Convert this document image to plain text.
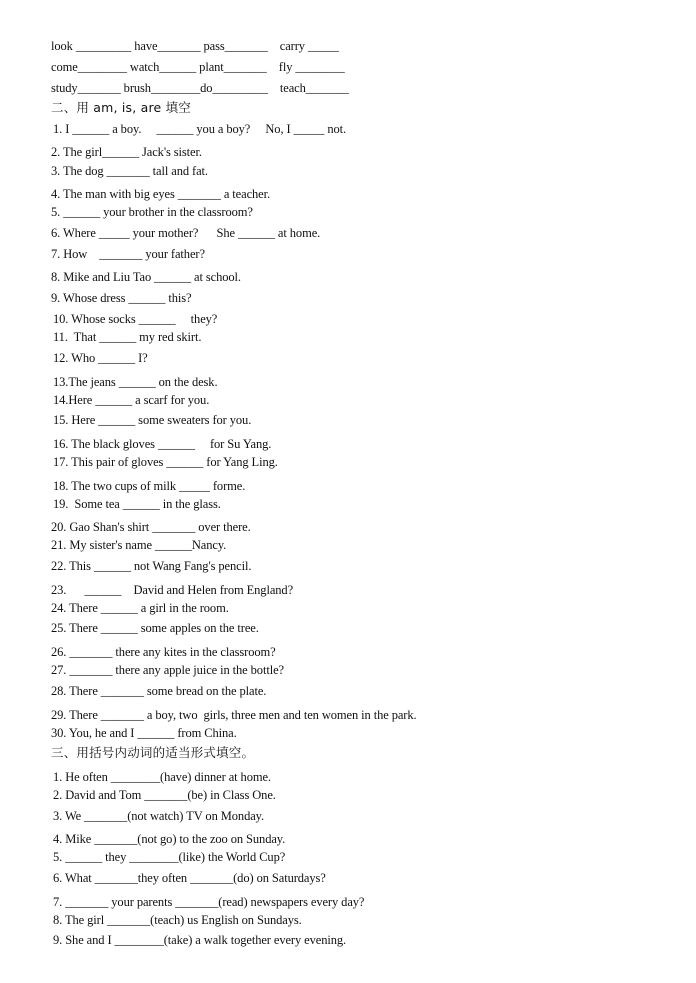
look _________ have_______ pass_______    carry _____
come________ watch______ plant_______    fly ________
study_______ brush________do_________    teach_______
二、用 am, is, are 填空
1. I ______ a boy.     ______ you a boy?     No, I _____ not.
2. The girl______ Jack's sister.
3. The dog _______ tall and fat.
4. The man with big eyes _______ a teacher.
5. ______ your brother in the classroom?
6. Where _____ your mother?      She ______ at home.
7. How    _______ your father?
8. Mike and Liu Tao ______ at school.
9. Whose dress ______ this?
10. Whose socks ______     they?
11.  That ______ my red skirt.
12. Who ______ I?
13.The jeans ______ on the desk.
14.Here ______ a scarf for you.
15. Here ______ some sweaters for you.
16. The black gloves ______     for Su Yang.
17. This pair of gloves ______ for Yang Ling.
18. The two cups of milk _____ forme.
19.  Some tea ______ in the glass.
20. Gao Shan's shirt _______ over there.
21. My sister's name ______Nancy.
22. This ______ not Wang Fang's pencil.
23.      ______    David and Helen from England?
24. There ______ a girl in the room.
25. There ______ some apples on the tree.
26. _______ there any kites in the classroom?
27. _______ there any apple juice in the bottle?
28. There _______ some bread on the plate.
29. There _______ a boy, two  girls, three men and ten women in the park.
30. You, he and I ______ from China.
三、用括号内动词的适当形式填空。
1. He often ________(have) dinner at home.
2. David and Tom _______(be) in Class One.
3. We _______(not watch) TV on Monday.
4. Mike _______(not go) to the zoo on Sunday.
5. ______ they ________(like) the World Cup?
6. What _______they often _______(do) on Saturdays?
7. _______ your parents _______(read) newspapers every day?
8. The girl _______(teach) us English on Sundays.
9. She and I ________(take) a walk together every evening.
